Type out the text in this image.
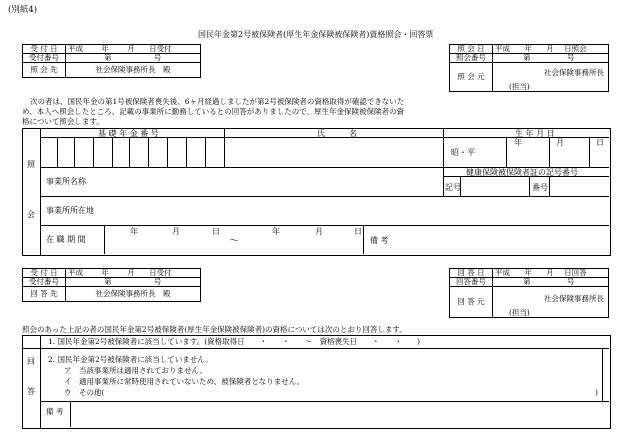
(別紙4)
国民年金第2号被保険者(厚生年金保険被保険者)資格照会・回答票
受 付 日	平成 年 月 日受付
受付番号	第 号
照 会 先	社会保険事務所長　殿
照 会 日	平成 年 月 日照会
照会番号	第 号
照 会 元	社会保険事務所長
(担当)
次の者は、国民年金の第1号被保険者喪失後、6ヶ月経過しましたが第2号被保険者の資格取得が確認できないた
め、本人へ照会したところ、記載の事業所に勤務しているとの回答がありましたので、厚生年金保険被保険者の資
格について照会します。
照
会
基 礎 年 金 番 号	氏　　　名	生 年 月 日
年	月	日
昭・平
健康保険被保険者証の記号番号
記号	番号
事業所名称
事業所所在地
在 職 期 間
年	月	日
〜
年	月	日
備 考
受 付 日	平成 年 月 日受付
受付番号	第 号
回 答 先	社会保険事務所長　殿
回 答 日	平成 年 月 日回答
回答番号	第 号
回 答 元	社会保険事務所長
(担当)
照会のあった上記の者の国民年金第2号被保険者(厚生年金保険被保険者)の資格については次のとおり回答します。
回
答
1. 国民年金第2号被保険者に該当しています。(資格取得日　　・　　・　　〜　資格喪失日　　・　　・　　)
2. 国民年金第2号被保険者に該当していません。
ア　当該事業所は適用されておりません。
イ　適用事業所に常時使用されていないため、被保険者となりません。
ウ　その他(	)
備 考
